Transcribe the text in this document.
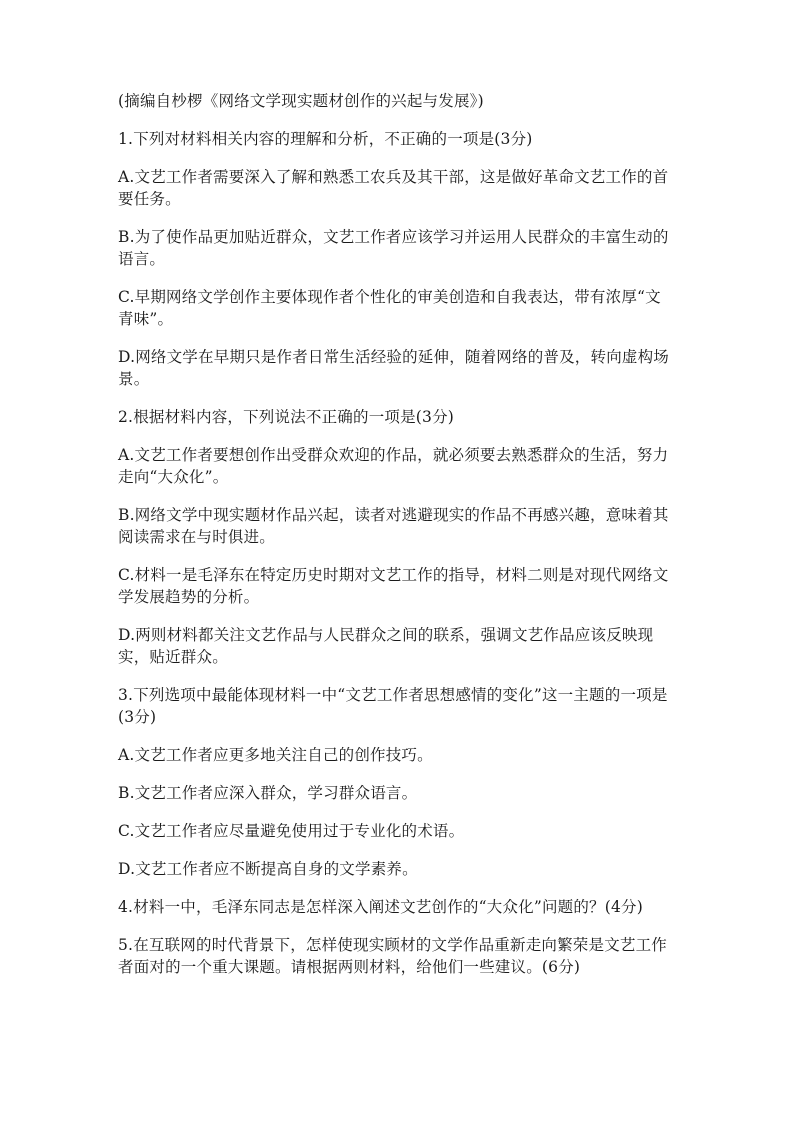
(摘编自杪椤《网络文学现实题材创作的兴起与发展》)

1.下列对材料相关内容的理解和分析，不正确的一项是(3分)

A.文艺工作者需要深入了解和熟悉工农兵及其干部，这是做好革命文艺工作的首要任务。

B.为了使作品更加贴近群众，文艺工作者应该学习并运用人民群众的丰富生动的语言。

C.早期网络文学创作主要体现作者个性化的审美创造和自我表达，带有浓厚“文青味”。

D.网络文学在早期只是作者日常生活经验的延伸，随着网络的普及，转向虚构场景。

2.根据材料内容，下列说法不正确的一项是(3分)

A.文艺工作者要想创作出受群众欢迎的作品，就必须要去熟悉群众的生活，努力走向“大众化”。

B.网络文学中现实题材作品兴起，读者对逃避现实的作品不再感兴趣，意味着其阅读需求在与时俱进。

C.材料一是毛泽东在特定历史时期对文艺工作的指导，材料二则是对现代网络文学发展趋势的分析。

D.两则材料都关注文艺作品与人民群众之间的联系，强调文艺作品应该反映现实，贴近群众。

3.下列选项中最能体现材料一中“文艺工作者思想感情的变化”这一主题的一项是(3分)

A.文艺工作者应更多地关注自己的创作技巧。

B.文艺工作者应深入群众，学习群众语言。

C.文艺工作者应尽量避免使用过于专业化的术语。

D.文艺工作者应不断提高自身的文学素养。

4.材料一中，毛泽东同志是怎样深入阐述文艺创作的“大众化”问题的？(4分)

5.在互联网的时代背景下，怎样使现实顾材的文学作品重新走向繁荣是文艺工作者面对的一个重大课题。请根据两则材料，给他们一些建议。(6分)
